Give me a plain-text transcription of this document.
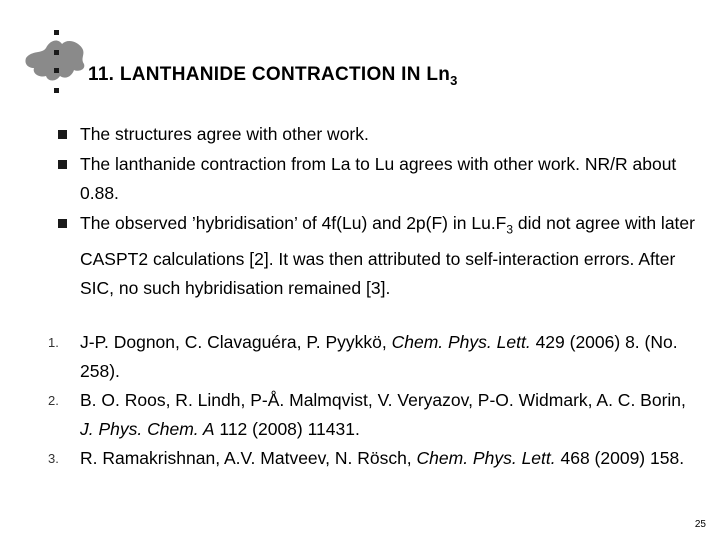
11. LANTHANIDE CONTRACTION IN $Ln_3$
The structures agree with other work.
The lanthanide contraction from La to Lu agrees with other work. NR/R about 0.88.
The observed ’hybridisation’ of 4f(Lu) and 2p(F) in $Lu.F_3$ did not agree with later CASPT2 calculations [2]. It was then attributed to self-interaction errors. After SIC, no such hybridisation remained [3].
1. J-P. Dognon, C. Clavaguéra, P. Pyykkö, Chem. Phys. Lett. 429 (2006) 8. (No. 258).
2. B. O. Roos, R. Lindh, P-Å. Malmqvist, V. Veryazov, P-O. Widmark, A. C. Borin, J. Phys. Chem. A 112 (2008) 11431.
3. R. Ramakrishnan, A.V. Matveev, N. Rösch, Chem. Phys. Lett. 468 (2009) 158.
25
